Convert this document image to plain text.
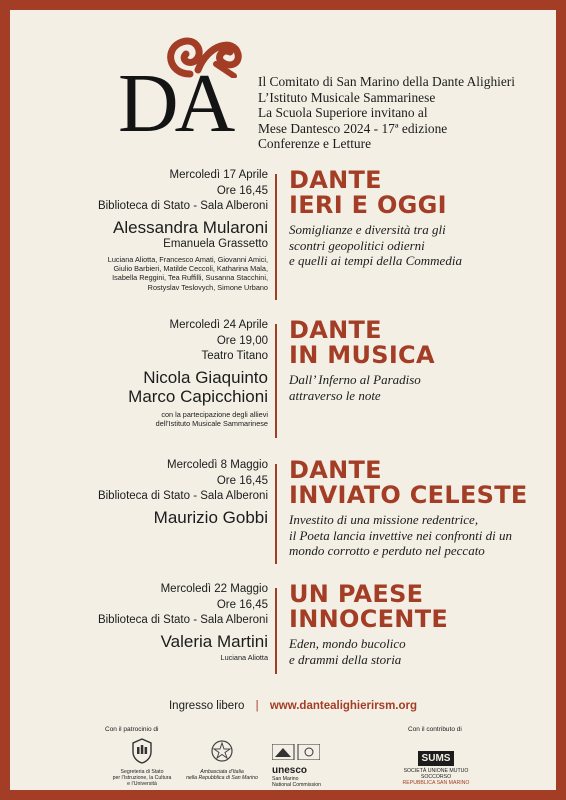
DA Il Comitato di San Marino della Dante Alighieri
L’Istituto Musicale Sammarinese
La Scuola Superiore invitano al
Mese Dantesco 2024 - 17ª edizione
Conferenze e Letture
Mercoledì 17 Aprile
Ore 16,45
Biblioteca di Stato - Sala Alberoni
Alessandra Mularoni
Emanuela Grassetto
Luciana Aliotta, Francesco Amati, Giovanni Amici,
Giulio Barbieri, Matilde Ceccoli, Katharina Mala,
Isabella Reggini, Tea Ruffilli, Susanna Stacchini,
Rostyslav Teslovych, Simone Urbano
DANTE
IERI E OGGI
Somiglianze e diversità tra gli
scontri geopolitici odierni
e quelli ai tempi della Commedia
Mercoledì 24 Aprile
Ore 19,00
Teatro Titano
Nicola Giaquinto
Marco Capicchioni
con la partecipazione degli allievi
dell’Istituto Musicale Sammarinese
DANTE
IN MUSICA
Dall’ Inferno al Paradiso
attraverso le note
Mercoledì 8 Maggio
Ore 16,45
Biblioteca di Stato - Sala Alberoni
Maurizio Gobbi
DANTE
INVIATO CELESTE
Investito di una missione redentrice,
il Poeta lancia invettive nei confronti di un
mondo corrotto e perduto nel peccato
Mercoledì 22 Maggio
Ore 16,45
Biblioteca di Stato - Sala Alberoni
Valeria Martini
Luciana Aliotta
UN PAESE
INNOCENTE
Eden, mondo bucolico
e drammi della storia
Ingresso libero | www.dantealighierirsm.org
Con il patrocinio di	Con il contributo di
Segreteria di Stato
per l’Istruzione, la Cultura
e l’Università
Ambasciata d’Italia
nella Repubblica di San Marino
unesco
San Marino
National Commission
SUMS
SOCIETÀ UNIONE MUTUO SOCCORSO
REPUBBLICA SAN MARINO
